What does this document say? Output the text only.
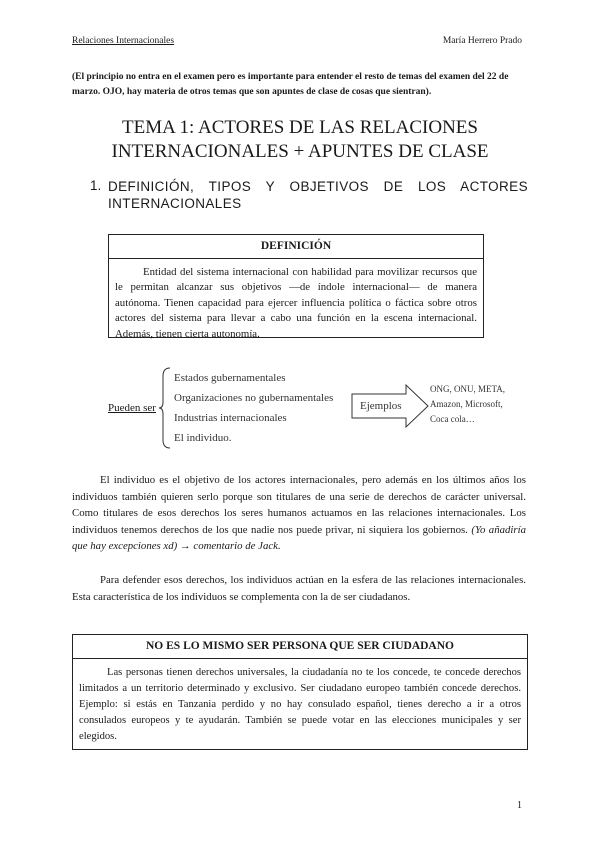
Relaciones Internacionales	María Herrero Prado
(El principio no entra en el examen pero es importante para entender el resto de temas del examen del 22 de marzo. OJO, hay materia de otros temas que son apuntes de clase de cosas que sientran).
TEMA 1: ACTORES DE LAS RELACIONES
INTERNACIONALES + APUNTES DE CLASE
1. DEFINICIÓN, TIPOS Y OBJETIVOS DE LOS ACTORES
INTERNACIONALES
DEFINICIÓN
Entidad del sistema internacional con habilidad para movilizar recursos que le permitan alcanzar sus objetivos —de índole internacional— de manera autónoma. Tienen capacidad para ejercer influencia política o fáctica sobre otros actores del sistema para llevar a cabo una función en la escena internacional. Además, tienen cierta autonomía.
Pueden ser
Estados gubernamentales
Organizaciones no gubernamentales
Industrias internacionales
El individuo.
Ejemplos
ONG, ONU, META,
Amazon, Microsoft,
Coca cola…
El individuo es el objetivo de los actores internacionales, pero además en los últimos años los individuos también quieren serlo porque son titulares de una serie de derechos de carácter universal. Como titulares de esos derechos los seres humanos actuamos en las relaciones internacionales. Los individuos tenemos derechos de los que nadie nos puede privar, ni siquiera los gobiernos. (Yo añadiría que hay excepciones xd) → comentario de Jack.
Para defender esos derechos, los individuos actúan en la esfera de las relaciones internacionales. Esta característica de los individuos se complementa con la de ser ciudadanos.
NO ES LO MISMO SER PERSONA QUE SER CIUDADANO
Las personas tienen derechos universales, la ciudadanía no te los concede, te concede derechos limitados a un territorio determinado y exclusivo. Ser ciudadano europeo también concede derechos. Ejemplo: si estás en Tanzania perdido y no hay consulado español, tienes derecho a ir a otros consulados europeos y te ayudarán. También se puede votar en las elecciones municipales y ser elegidos.
1
